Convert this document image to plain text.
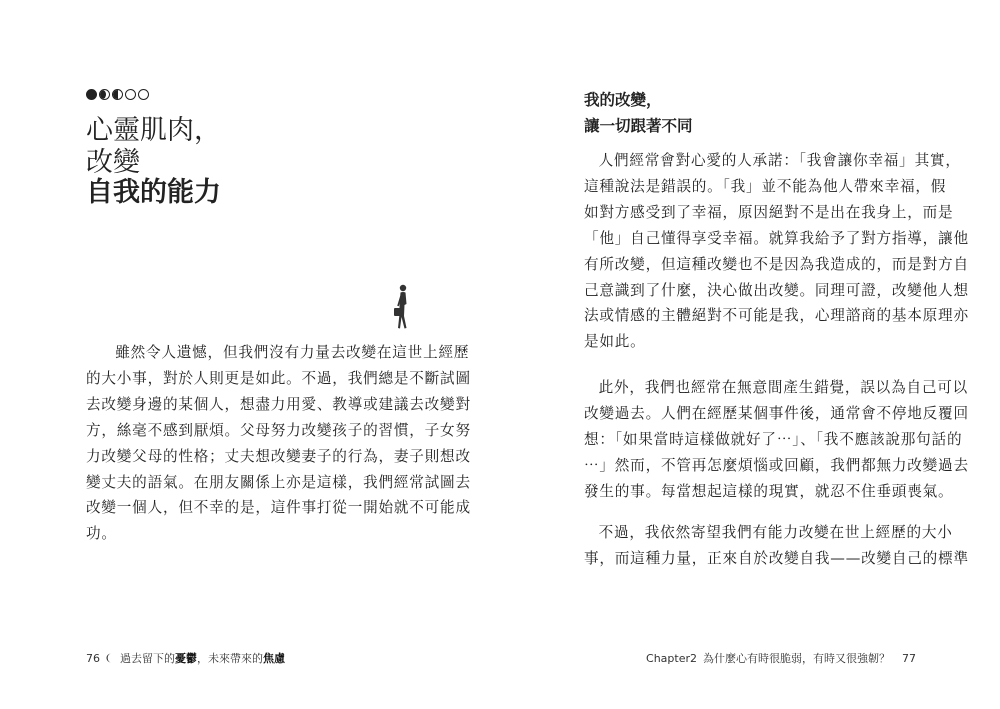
心靈肌肉，
改變
自我的能力
雖然令人遺憾，但我們沒有力量去改變在這世上經歷
的大小事，對於人則更是如此。不過，我們總是不斷試圖
去改變身邊的某個人，想盡力用愛、教導或建議去改變對
方，絲毫不感到厭煩。父母努力改變孩子的習慣，子女努
力改變父母的性格；丈夫想改變妻子的行為，妻子則想改
變丈夫的語氣。在朋友關係上亦是這樣，我們經常試圖去
改變一個人，但不幸的是，這件事打從一開始就不可能成
功。
76 過去留下的 憂鬱 ，未來帶來的 焦慮
我的改變，
讓一切跟著不同
人們經常會對心愛的人承諾：「我會讓你幸福」其實，
這種說法是錯誤的。「我」並不能為他人帶來幸福，假
如對方感受到了幸福，原因絕對不是出在我身上，而是
「他」自己懂得享受幸福。就算我給予了對方指導，讓他
有所改變，但這種改變也不是因為我造成的，而是對方自
己意識到了什麼，決心做出改變。同理可證，改變他人想
法或情感的主體絕對不可能是我，心理諮商的基本原理亦
是如此。
此外，我們也經常在無意間產生錯覺，誤以為自己可以
改變過去。人們在經歷某個事件後，通常會不停地反覆回
想：「如果當時這樣做就好了⋯」、「我不應該說那句話的
⋯」然而，不管再怎麼煩惱或回顧，我們都無力改變過去
發生的事。每當想起這樣的現實，就忍不住垂頭喪氣。
不過，我依然寄望我們有能力改變在世上經歷的大小
事，而這種力量，正來自於改變自我——改變自己的標準
Chapter2 為什麼心有時很脆弱，有時又很強韌？ 77
